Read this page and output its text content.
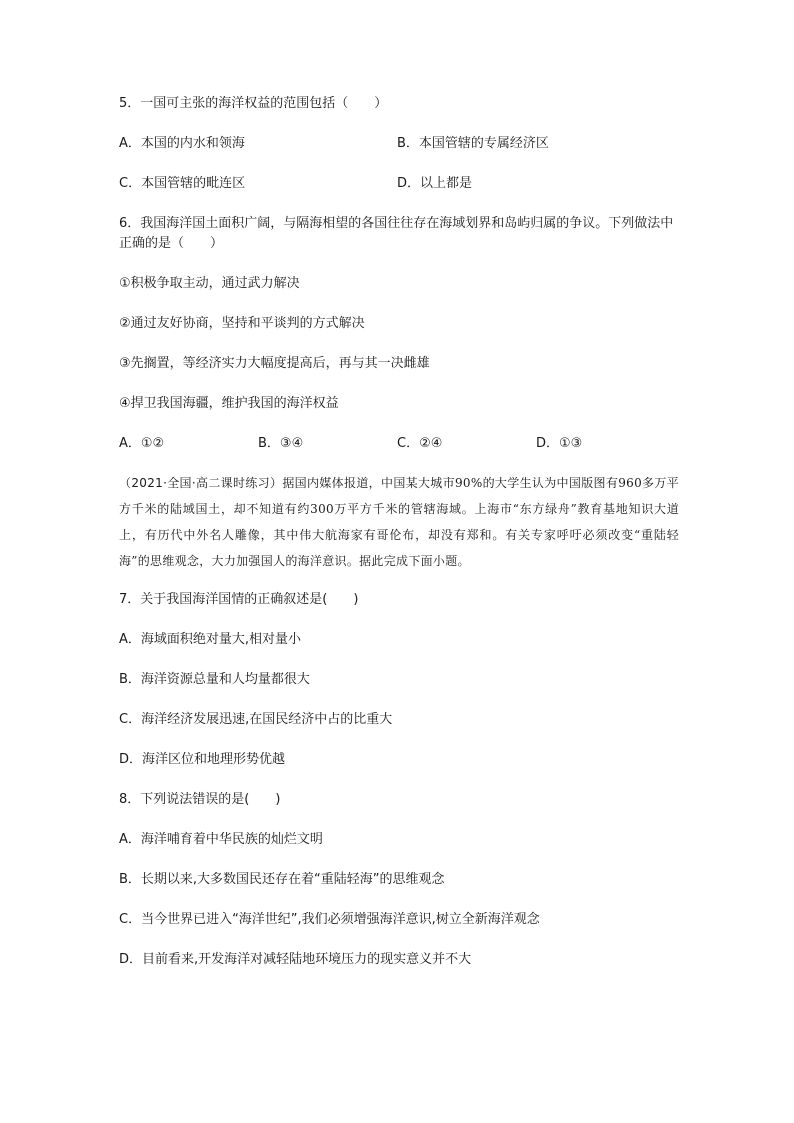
5．一国可主张的海洋权益的范围包括（　　）
A．本国的内水和领海	B．本国管辖的专属经济区
C．本国管辖的毗连区	D．以上都是
6．我国海洋国土面积广阔，与隔海相望的各国往往存在海域划界和岛屿归属的争议。下列做法中正确的是（　　）
①积极争取主动，通过武力解决
②通过友好协商，坚持和平谈判的方式解决
③先搁置，等经济实力大幅度提高后，再与其一决雌雄
④捍卫我国海疆，维护我国的海洋权益
A．①②	B．③④	C．②④	D．①③
（2021·全国·高二课时练习）据国内媒体报道，中国某大城市90%的大学生认为中国版图有960多万平方千米的陆域国土，却不知道有约300万平方千米的管辖海域。上海市“东方绿舟”教育基地知识大道上，有历代中外名人雕像，其中伟大航海家有哥伦布，却没有郑和。有关专家呼吁必须改变“重陆轻海”的思维观念，大力加强国人的海洋意识。据此完成下面小题。
7．关于我国海洋国情的正确叙述是(　　)
A．海域面积绝对量大,相对量小
B．海洋资源总量和人均量都很大
C．海洋经济发展迅速,在国民经济中占的比重大
D．海洋区位和地理形势优越
8．下列说法错误的是(　　)
A．海洋哺育着中华民族的灿烂文明
B．长期以来,大多数国民还存在着“重陆轻海”的思维观念
C．当今世界已进入“海洋世纪”,我们必须增强海洋意识,树立全新海洋观念
D．目前看来,开发海洋对减轻陆地环境压力的现实意义并不大
